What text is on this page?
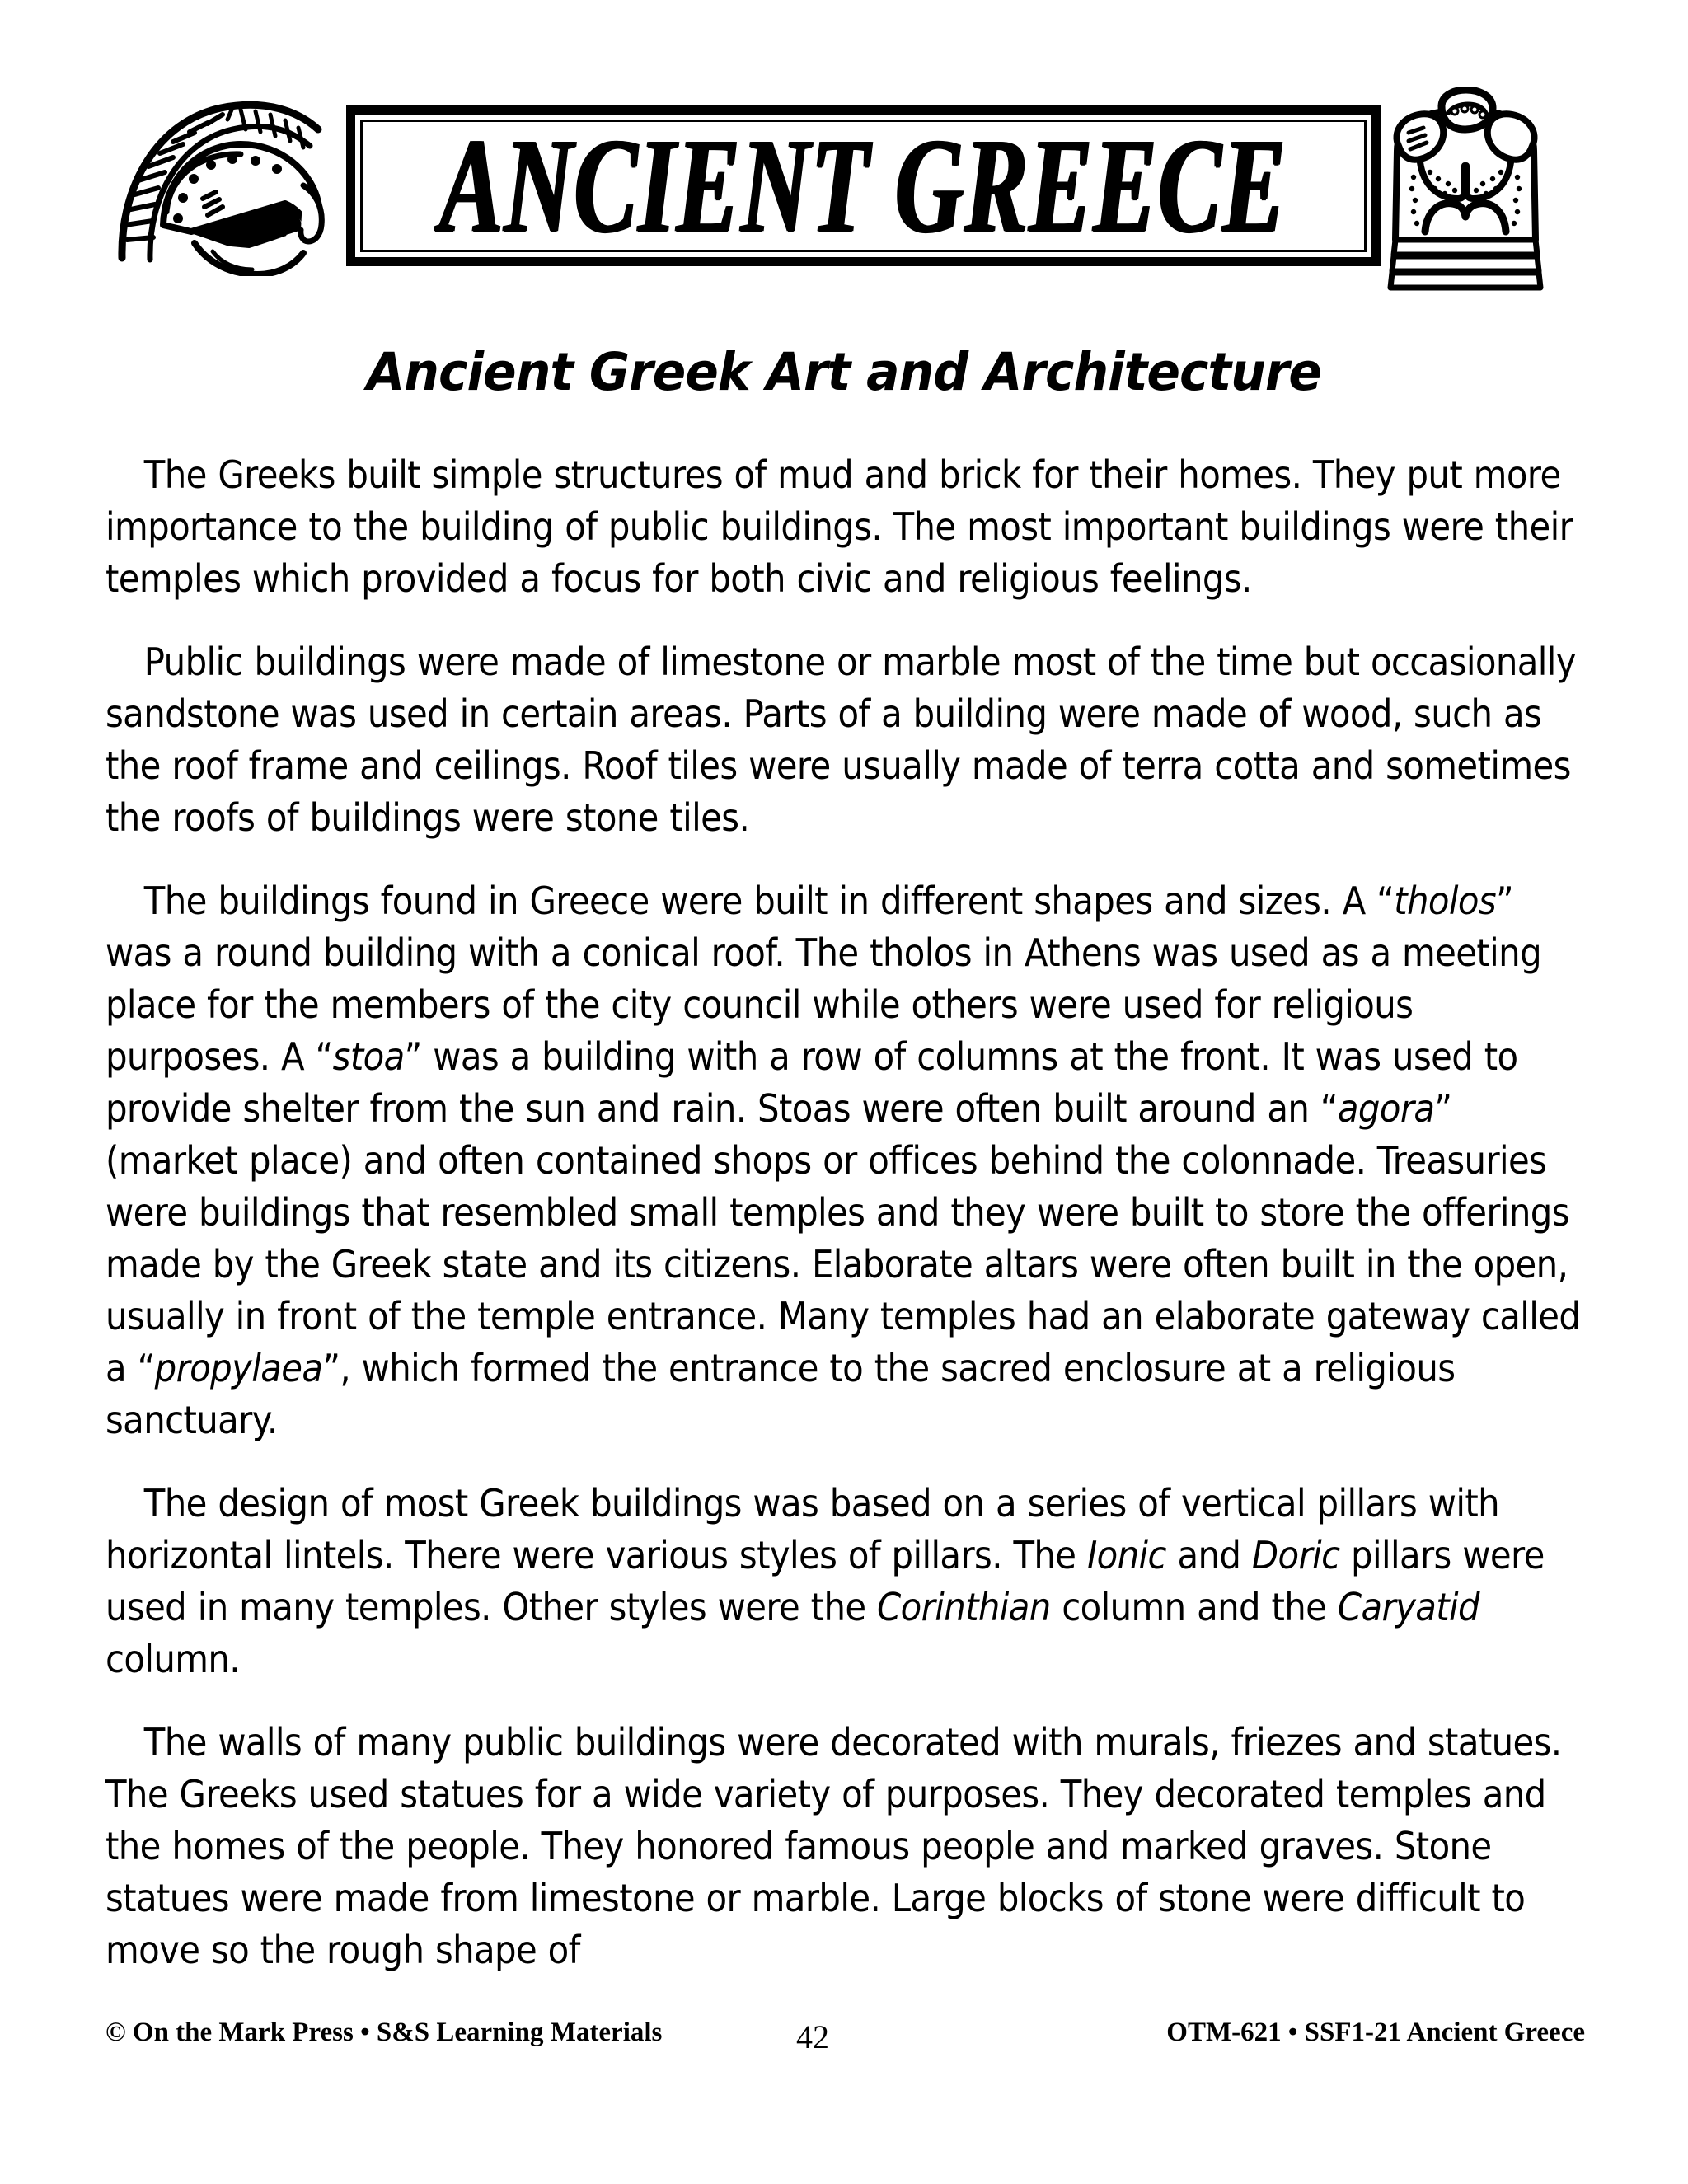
ANCIENT GREECE
Ancient Greek Art and Architecture

The Greeks built simple structures of mud and brick for their homes. They put more importance to the building of public buildings. The most important buildings were their temples which provided a focus for both civic and religious feelings.

Public buildings were made of limestone or marble most of the time but occasionally sandstone was used in certain areas. Parts of a building were made of wood, such as the roof frame and ceilings. Roof tiles were usually made of terra cotta and sometimes the roofs of buildings were stone tiles.

The buildings found in Greece were built in different shapes and sizes. A “tholos” was a round building with a conical roof. The tholos in Athens was used as a meeting place for the members of the city council while others were used for religious purposes. A “stoa” was a building with a row of columns at the front. It was used to provide shelter from the sun and rain. Stoas were often built around an “agora” (market place) and often contained shops or offices behind the colonnade. Treasuries were buildings that resembled small temples and they were built to store the offerings made by the Greek state and its citizens. Elaborate altars were often built in the open, usually in front of the temple entrance. Many temples had an elaborate gateway called a “propylaea”, which formed the entrance to the sacred enclosure at a religious sanctuary.

The design of most Greek buildings was based on a series of vertical pillars with horizontal lintels. There were various styles of pillars. The Ionic and Doric pillars were used in many temples. Other styles were the Corinthian column and the Caryatid column.

The walls of many public buildings were decorated with murals, friezes and statues. The Greeks used statues for a wide variety of purposes. They decorated temples and the homes of the people. They honored famous people and marked graves. Stone statues were made from limestone or marble. Large blocks of stone were difficult to move so the rough shape of

© On the Mark Press • S&S Learning Materials	42	OTM-621 • SSF1-21 Ancient Greece
